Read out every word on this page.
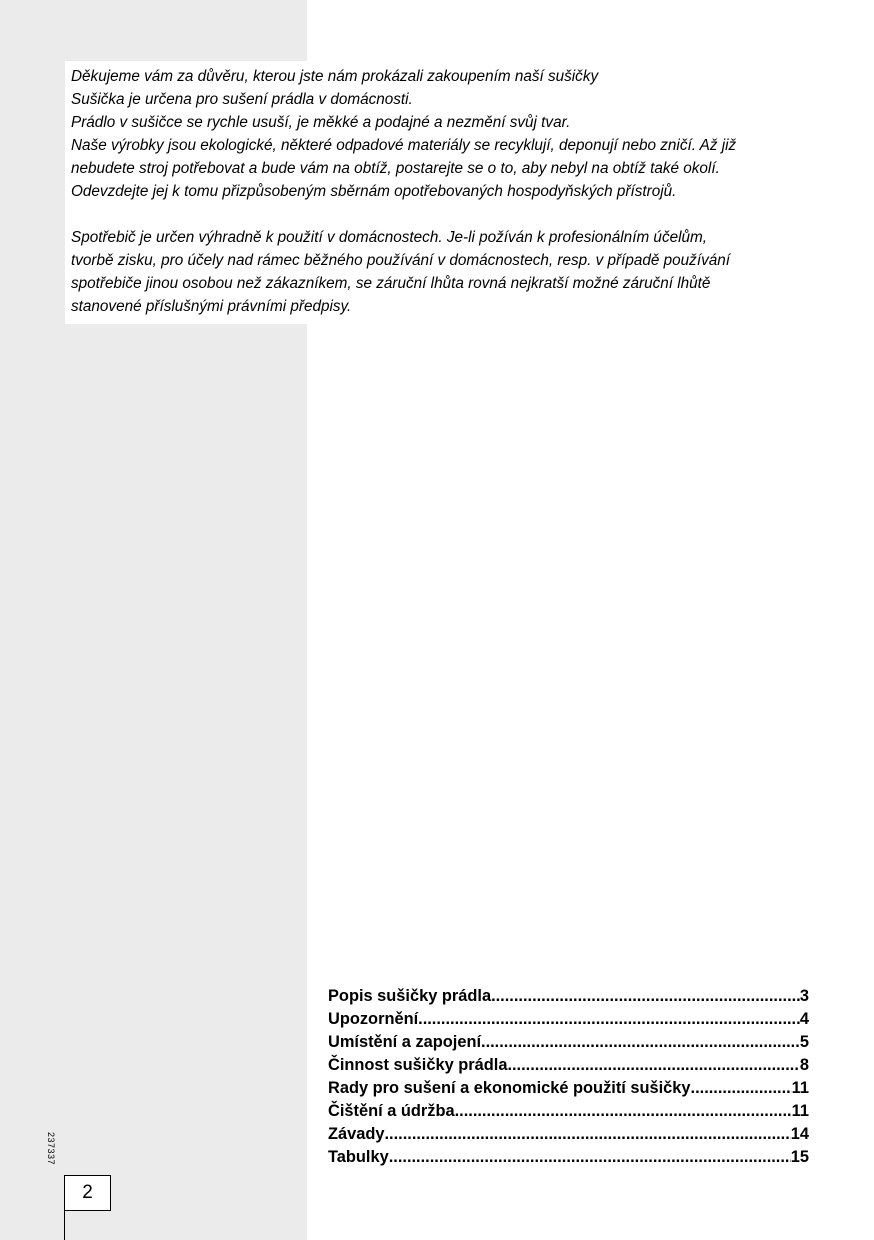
Děkujeme vám za důvěru, kterou jste nám prokázali zakoupením naší sušičky

Sušička je určena pro sušení prádla v domácnosti.

Prádlo v sušičce se rychle usuší, je měkké a podajné a nezmění svůj tvar.

Naše výrobky jsou ekologické, některé odpadové materiály se recyklují, deponují nebo zničí. Až již

nebudete stroj potřebovat a bude vám na obtíž, postarejte se o to, aby nebyl na obtíž také okolí.

Odevzdejte jej k tomu přizpůsobeným sběrnám opotřebovaných hospodyňských přístrojů.

Spotřebič je určen výhradně k použití v domácnostech. Je-li požíván k profesionálním účelům,

tvorbě zisku, pro účely nad rámec běžného používání v domácnostech, resp. v případě používání

spotřebiče jinou osobou než zákazníkem, se záruční lhůta rovná nejkratší možné záruční lhůtě

stanovené příslušnými právními předpisy.

Popis sušičky prádla .....	3
Upozornění .....	4
Umístění a zapojení .....	5
Činnost sušičky prádla .....	8
Rady pro sušení a ekonomické použití sušičky .....	11
Čištění a údržba .....	11
Závady .....	14
Tabulky .....	15
237337
2
